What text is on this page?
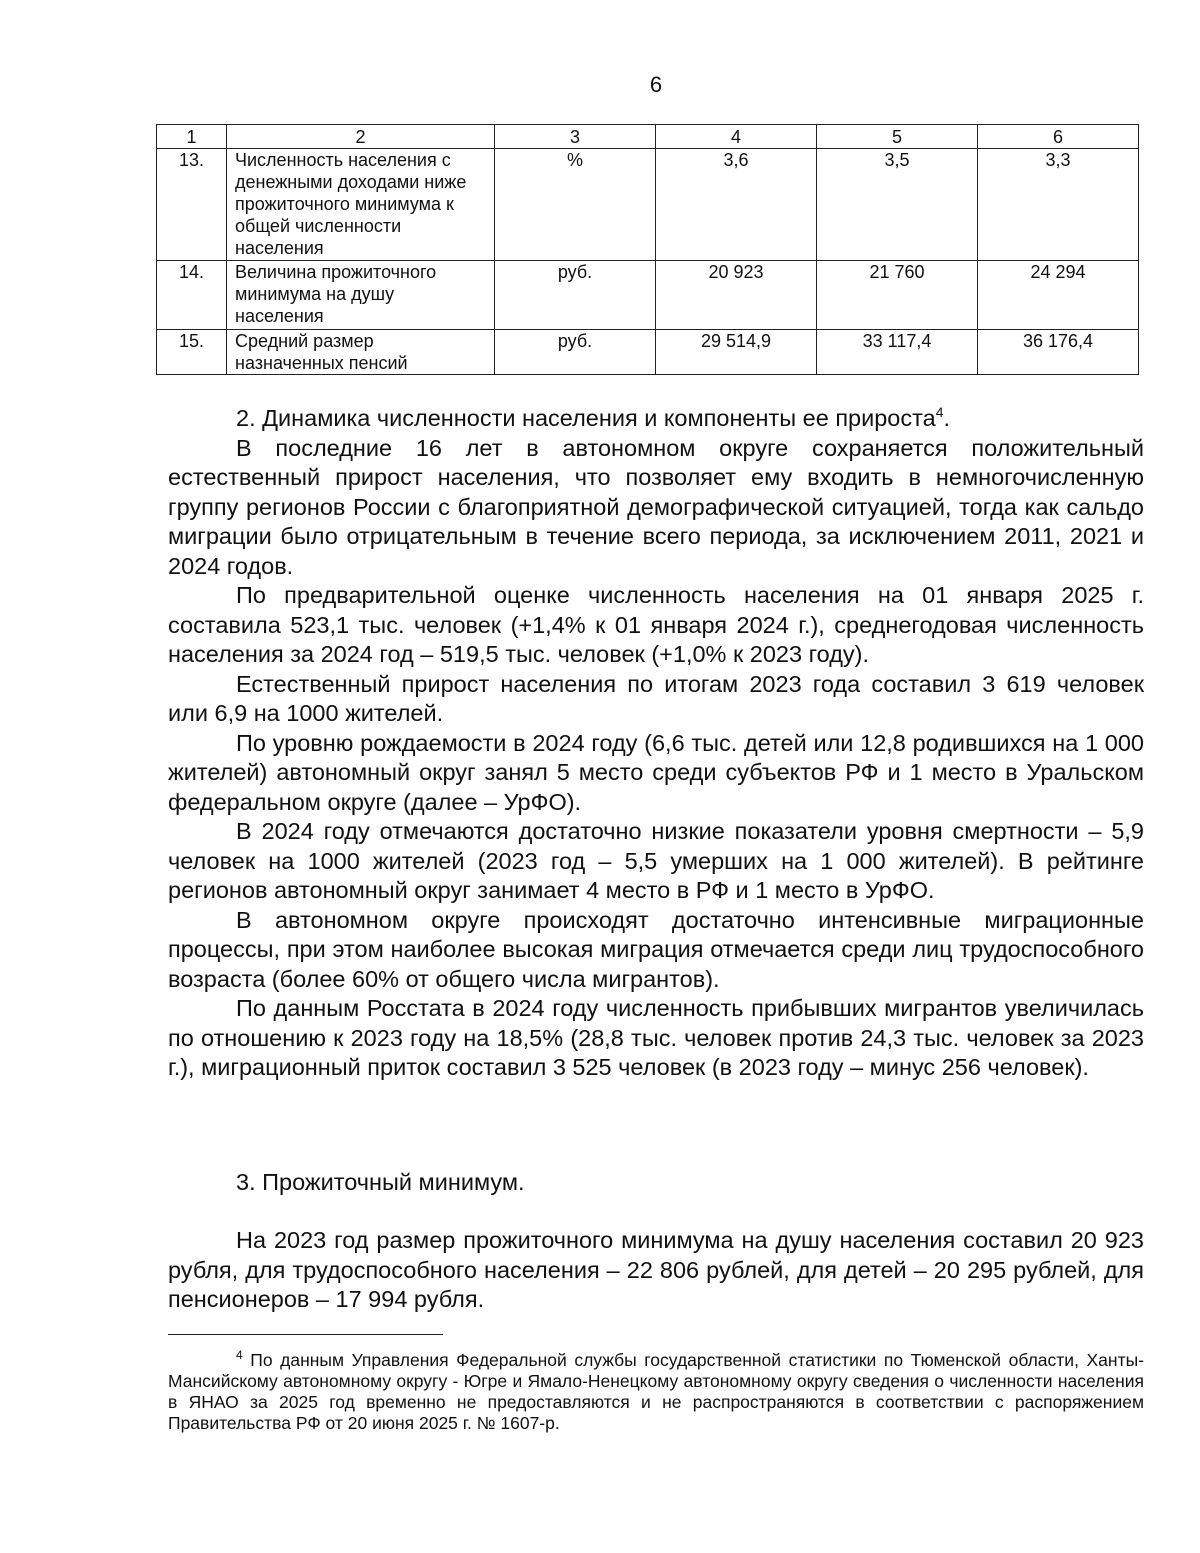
6
1	2	3	4	5	6
13.	Численность населения с денежными доходами ниже прожиточного минимума к общей численности населения	%	3,6	3,5	3,3
14.	Величина прожиточного минимума на душу населения	руб.	20 923	21 760	24 294
15.	Средний размер назначенных пенсий	руб.	29 514,9	33 117,4	36 176,4

2. Динамика численности населения и компоненты ее прироста$^4$.

В последние 16 лет в автономном округе сохраняется положительный естественный прирост населения, что позволяет ему входить в немногочисленную группу регионов России с благоприятной демографической ситуацией, тогда как сальдо миграции было отрицательным в течение всего периода, за исключением 2011, 2021 и 2024 годов.

По предварительной оценке численность населения на 01 января 2025 г. составила 523,1 тыс. человек (+1,4% к 01 января 2024 г.), среднегодовая численность населения за 2024 год – 519,5 тыс. человек (+1,0% к 2023 году).

Естественный прирост населения по итогам 2023 года составил 3 619 человек или 6,9 на 1000 жителей.

По уровню рождаемости в 2024 году (6,6 тыс. детей или 12,8 родившихся на 1 000 жителей) автономный округ занял 5 место среди субъектов РФ и 1 место в Уральском федеральном округе (далее – УрФО).

В 2024 году отмечаются достаточно низкие показатели уровня смертности – 5,9 человек на 1000 жителей (2023 год – 5,5 умерших на 1 000 жителей). В рейтинге регионов автономный округ занимает 4 место в РФ и 1 место в УрФО.

В автономном округе происходят достаточно интенсивные миграционные процессы, при этом наиболее высокая миграция отмечается среди лиц трудоспособного возраста (более 60% от общего числа мигрантов).

По данным Росстата в 2024 году численность прибывших мигрантов увеличилась по отношению к 2023 году на 18,5% (28,8 тыс. человек против 24,3 тыс. человек за 2023 г.), миграционный приток составил 3 525 человек (в 2023 году – минус 256 человек).

3. Прожиточный минимум.

На 2023 год размер прожиточного минимума на душу населения составил 20 923 рубля, для трудоспособного населения – 22 806 рублей, для детей – 20 295 рублей, для пенсионеров – 17 994 рубля.

$^4$ По данным Управления Федеральной службы государственной статистики по Тюменской области, Ханты-Мансийскому автономному округу - Югре и Ямало-Ненецкому автономному округу сведения о численности населения в ЯНАО за 2025 год временно не предоставляются и не распространяются в соответствии с распоряжением Правительства РФ от 20 июня 2025 г. № 1607-р.
